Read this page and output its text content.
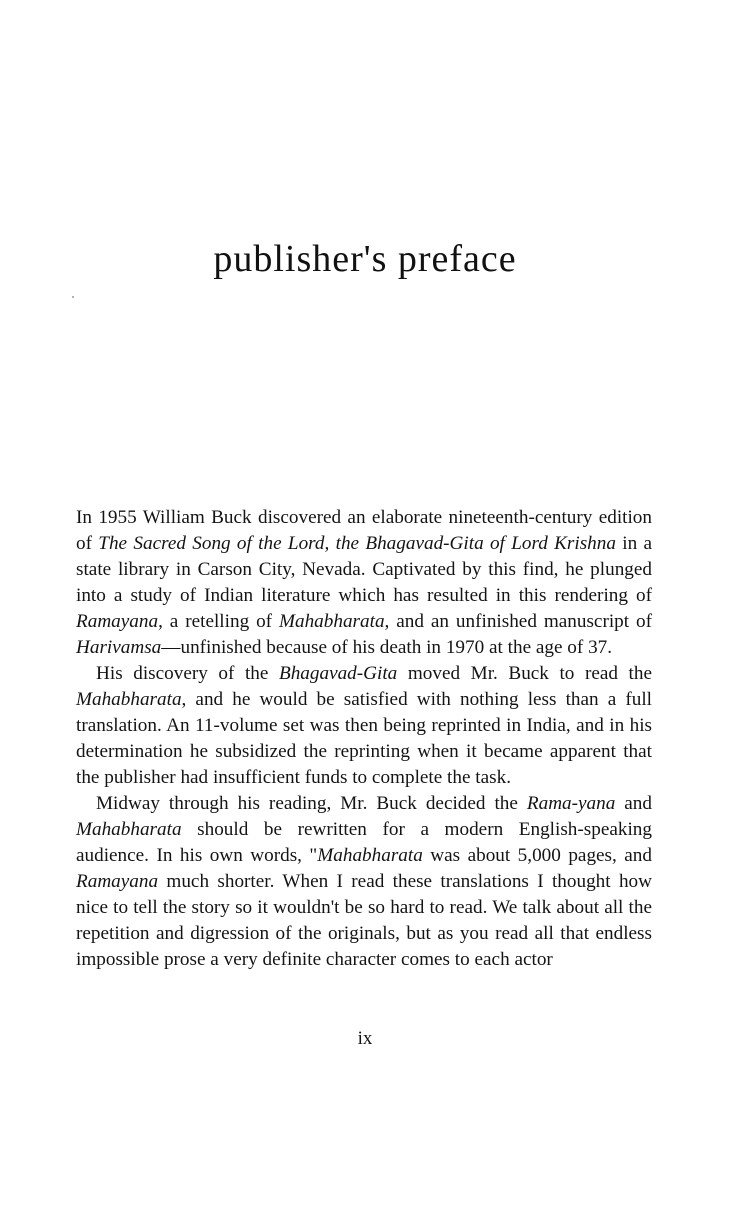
publisher's preface

In 1955 William Buck discovered an elaborate nineteenth-century edition of The Sacred Song of the Lord, the Bhagavad-Gita of Lord Krishna in a state library in Carson City, Nevada. Captivated by this find, he plunged into a study of Indian literature which has resulted in this rendering of Ramayana, a retelling of Mahabharata, and an unfinished manuscript of Harivamsa—unfinished because of his death in 1970 at the age of 37.

His discovery of the Bhagavad-Gita moved Mr. Buck to read the Mahabharata, and he would be satisfied with nothing less than a full translation. An 11-volume set was then being reprinted in India, and in his determination he subsidized the reprinting when it became apparent that the publisher had insufficient funds to complete the task.

Midway through his reading, Mr. Buck decided the Rama-yana and Mahabharata should be rewritten for a modern English-speaking audience. In his own words, "Mahabharata was about 5,000 pages, and Ramayana much shorter. When I read these translations I thought how nice to tell the story so it wouldn't be so hard to read. We talk about all the repetition and digression of the originals, but as you read all that endless impossible prose a very definite character comes to each actor

ix
